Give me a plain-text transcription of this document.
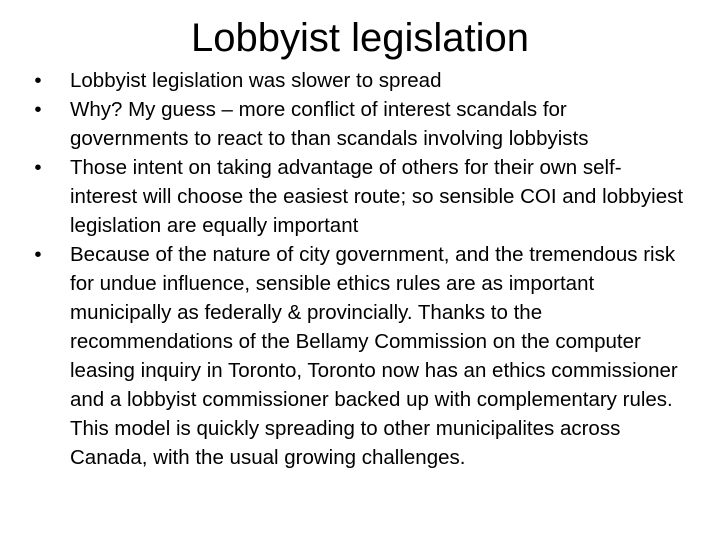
Lobbyist legislation
•	Lobbyist legislation was slower to spread
•	Why? My guess – more conflict of interest scandals for governments to react to than scandals involving lobbyists
•	Those intent on taking advantage of others for their own self-interest will choose the easiest route; so sensible COI and lobbyiest legislation are equally important
•	Because of the nature of city government, and the tremendous risk for undue influence, sensible ethics rules are as important municipally as federally & provincially. Thanks to the recommendations of the Bellamy Commission on the computer leasing inquiry in Toronto, Toronto now has an ethics commissioner and a lobbyist commissioner backed up with complementary rules. This model is quickly spreading to other municipalites across Canada, with the usual growing challenges.
